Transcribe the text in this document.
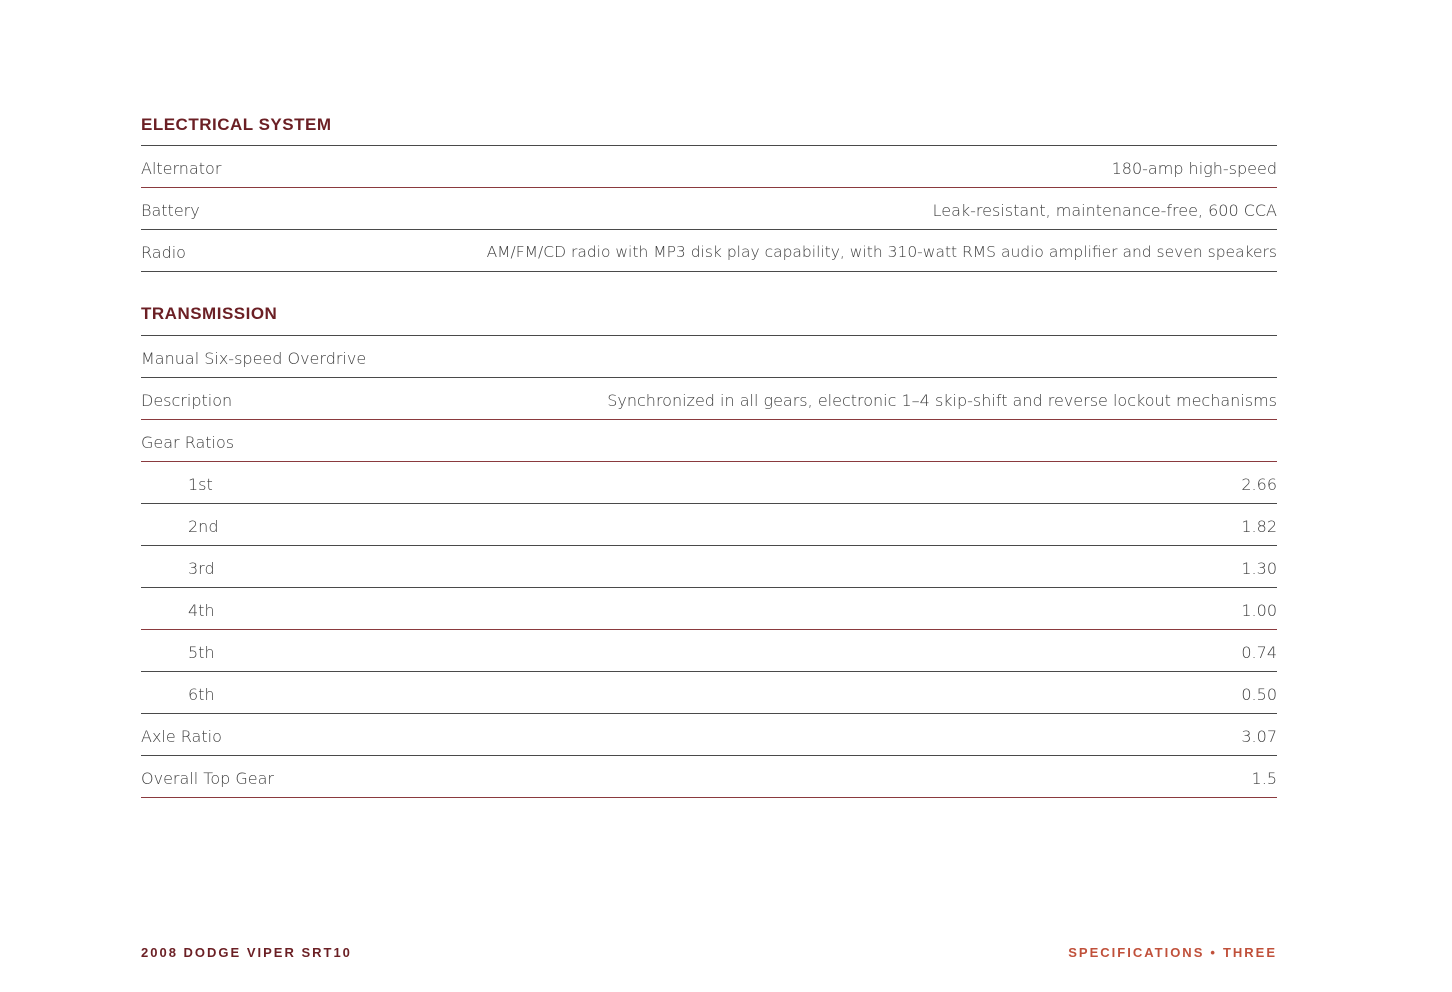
ELECTRICAL SYSTEM
Alternator	180-amp high-speed
Battery	Leak-resistant, maintenance-free, 600 CCA
Radio	AM/FM/CD radio with MP3 disk play capability, with 310-watt RMS audio amplifier and seven speakers
TRANSMISSION
Manual Six-speed Overdrive
Description	Synchronized in all gears, electronic 1–4 skip-shift and reverse lockout mechanisms
Gear Ratios
1st	2.66
2nd	1.82
3rd	1.30
4th	1.00
5th	0.74
6th	0.50
Axle Ratio	3.07
Overall Top Gear	1.5
2008 DODGE VIPER SRT10	SPECIFICATIONS • THREE
